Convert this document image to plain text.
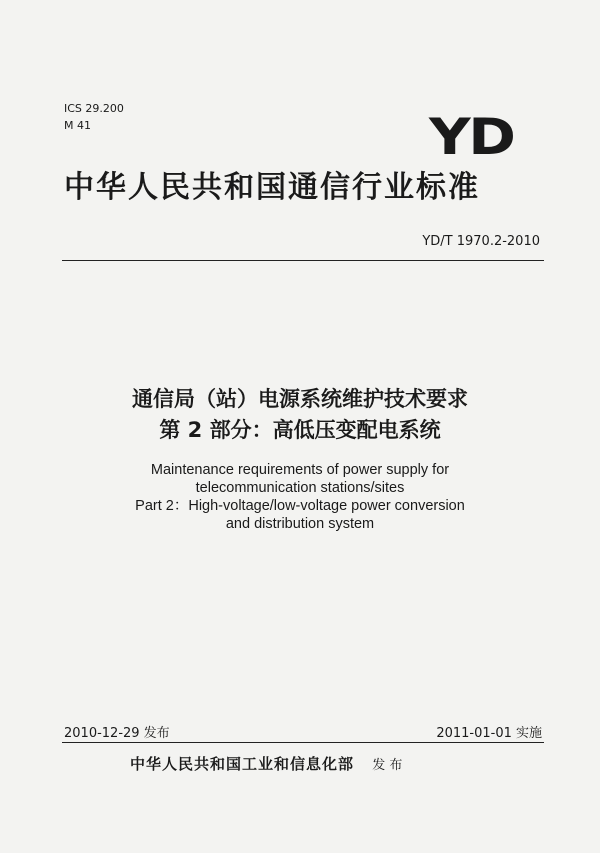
ICS 29.200
M 41	YD
中华人民共和国通信行业标准
YD/T 1970.2-2010
通信局（站）电源系统维护技术要求
第 2 部分：高低压变配电系统
Maintenance requirements of power supply for
telecommunication stations/sites
Part 2：High-voltage/low-voltage power conversion
and distribution system
2010-12-29 发布	2011-01-01 实施
中华人民共和国工业和信息化部 发 布
